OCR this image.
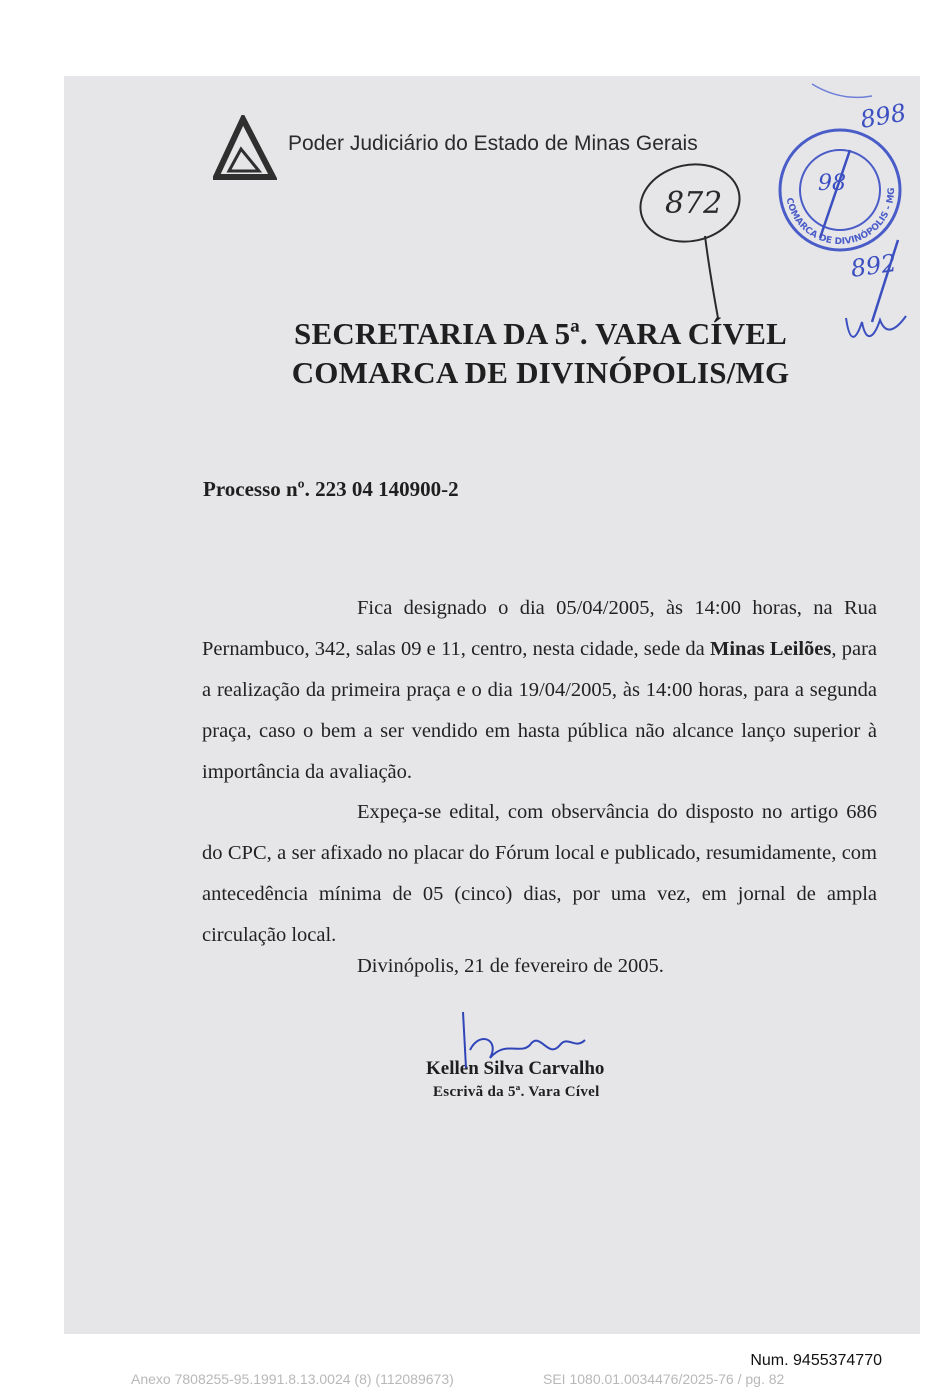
Poder Judiciário do Estado de Minas Gerais
SECRETARIA DA 5ª. VARA CÍVEL
COMARCA DE DIVINÓPOLIS/MG
Processo nº. 223 04 140900-2
Fica designado o dia 05/04/2005, às 14:00 horas, na Rua Pernambuco, 342, salas 09 e 11, centro, nesta cidade, sede da Minas Leilões, para a realização da primeira praça e o dia 19/04/2005, às 14:00 horas, para a segunda praça, caso o bem a ser vendido em hasta pública não alcance lanço superior à importância da avaliação.
Expeça-se edital, com observância do disposto no artigo 686 do CPC, a ser afixado no placar do Fórum local e publicado, resumidamente, com antecedência mínima de 05 (cinco) dias, por uma vez, em jornal de ampla circulação local.
Divinópolis, 21 de fevereiro de 2005.
Kellen Silva Carvalho
Escrivã da 5ª. Vara Cível
872	COMARCA DE DIVINÓPOLIS - MG
98
898
892
Num. 9455374770
Anexo 7808255-95.1991.8.13.0024 (8) (112089673)	SEI 1080.01.0034476/2025-76 / pg. 82
